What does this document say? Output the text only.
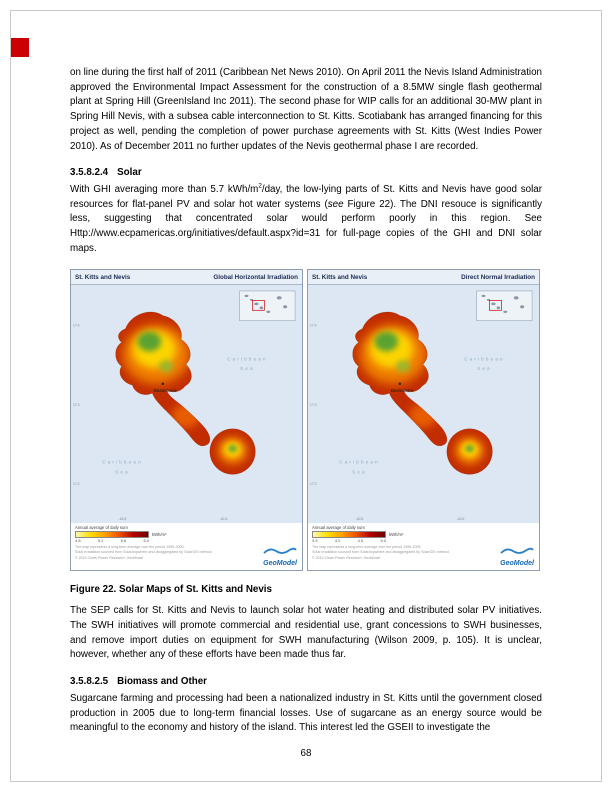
on line during the first half of 2011 (Caribbean Net News 2010). On April 2011 the Nevis Island Administration approved the Environmental Impact Assessment for the construction of a 8.5MW single flash geothermal plant at Spring Hill (GreenIsland Inc 2011). The second phase for WIP calls for an additional 30-MW plant in Spring Hill Nevis, with a subsea cable interconnection to St. Kitts. Scotiabank has arranged financing for this project as well, pending the completion of power purchase agreements with St. Kitts (West Indies Power 2010). As of December 2011 no further updates of the Nevis geothermal phase I are recorded.

3.5.8.2.4 Solar

With GHI averaging more than 5.7 kWh/$m^2$/day, the low-lying parts of St. Kitts and Nevis have good solar resources for flat-panel PV and solar hot water systems (see Figure 22). The DNI resouce is significantly less, suggesting that concentrated solar would perform poorly in this region. See Http://www.ecpamericas.org/initiatives/default.aspx?id=31 for full-page copies of the GHI and DNI solar maps.

St. Kitts and Nevis	Global Horizontal Irradiation
Basseterre
Caribbean
Sea
Caribbean
Sea
17.4
17.3
17.2
-62.8	-62.6
Annual average of daily sum
kWh/m²
4.8	5.2	5.6	6.0
The map represents a long-term average over the period 1999-2009.
Solar irradiation sourced from SolarAnywhere and disaggregated by SolarGIS method.
© 2010 Clean Power Research, GeoModel
GeoModel
St. Kitts and Nevis	Direct Normal Irradiation
Basseterre
Caribbean
Sea
Caribbean
Sea
17.4
17.3
17.2
-62.8	-62.6
Annual average of daily sum
kWh/m²
3.5	4.0	4.5	5.0
The map represents a long-term average over the period 1999-2009.
Solar irradiation sourced from SolarAnywhere and disaggregated by SolarGIS method.
© 2010 Clean Power Research, GeoModel
GeoModel
Figure 22. Solar Maps of St. Kitts and Nevis

The SEP calls for St. Kitts and Nevis to launch solar hot water heating and distributed solar PV initiatives. The SWH initiatives will promote commercial and residential use, grant concessions to SWH businesses, and remove import duties on equipment for SWH manufacturing (Wilson 2009, p. 105). It is unclear, however, whether any of these efforts have been made thus far.

3.5.8.2.5 Biomass and Other

Sugarcane farming and processing had been a nationalized industry in St. Kitts until the government closed production in 2005 due to long-term financial losses. Use of sugarcane as an energy source would be meaningful to the economy and history of the island. This interest led the GSEII to investigate the

68
